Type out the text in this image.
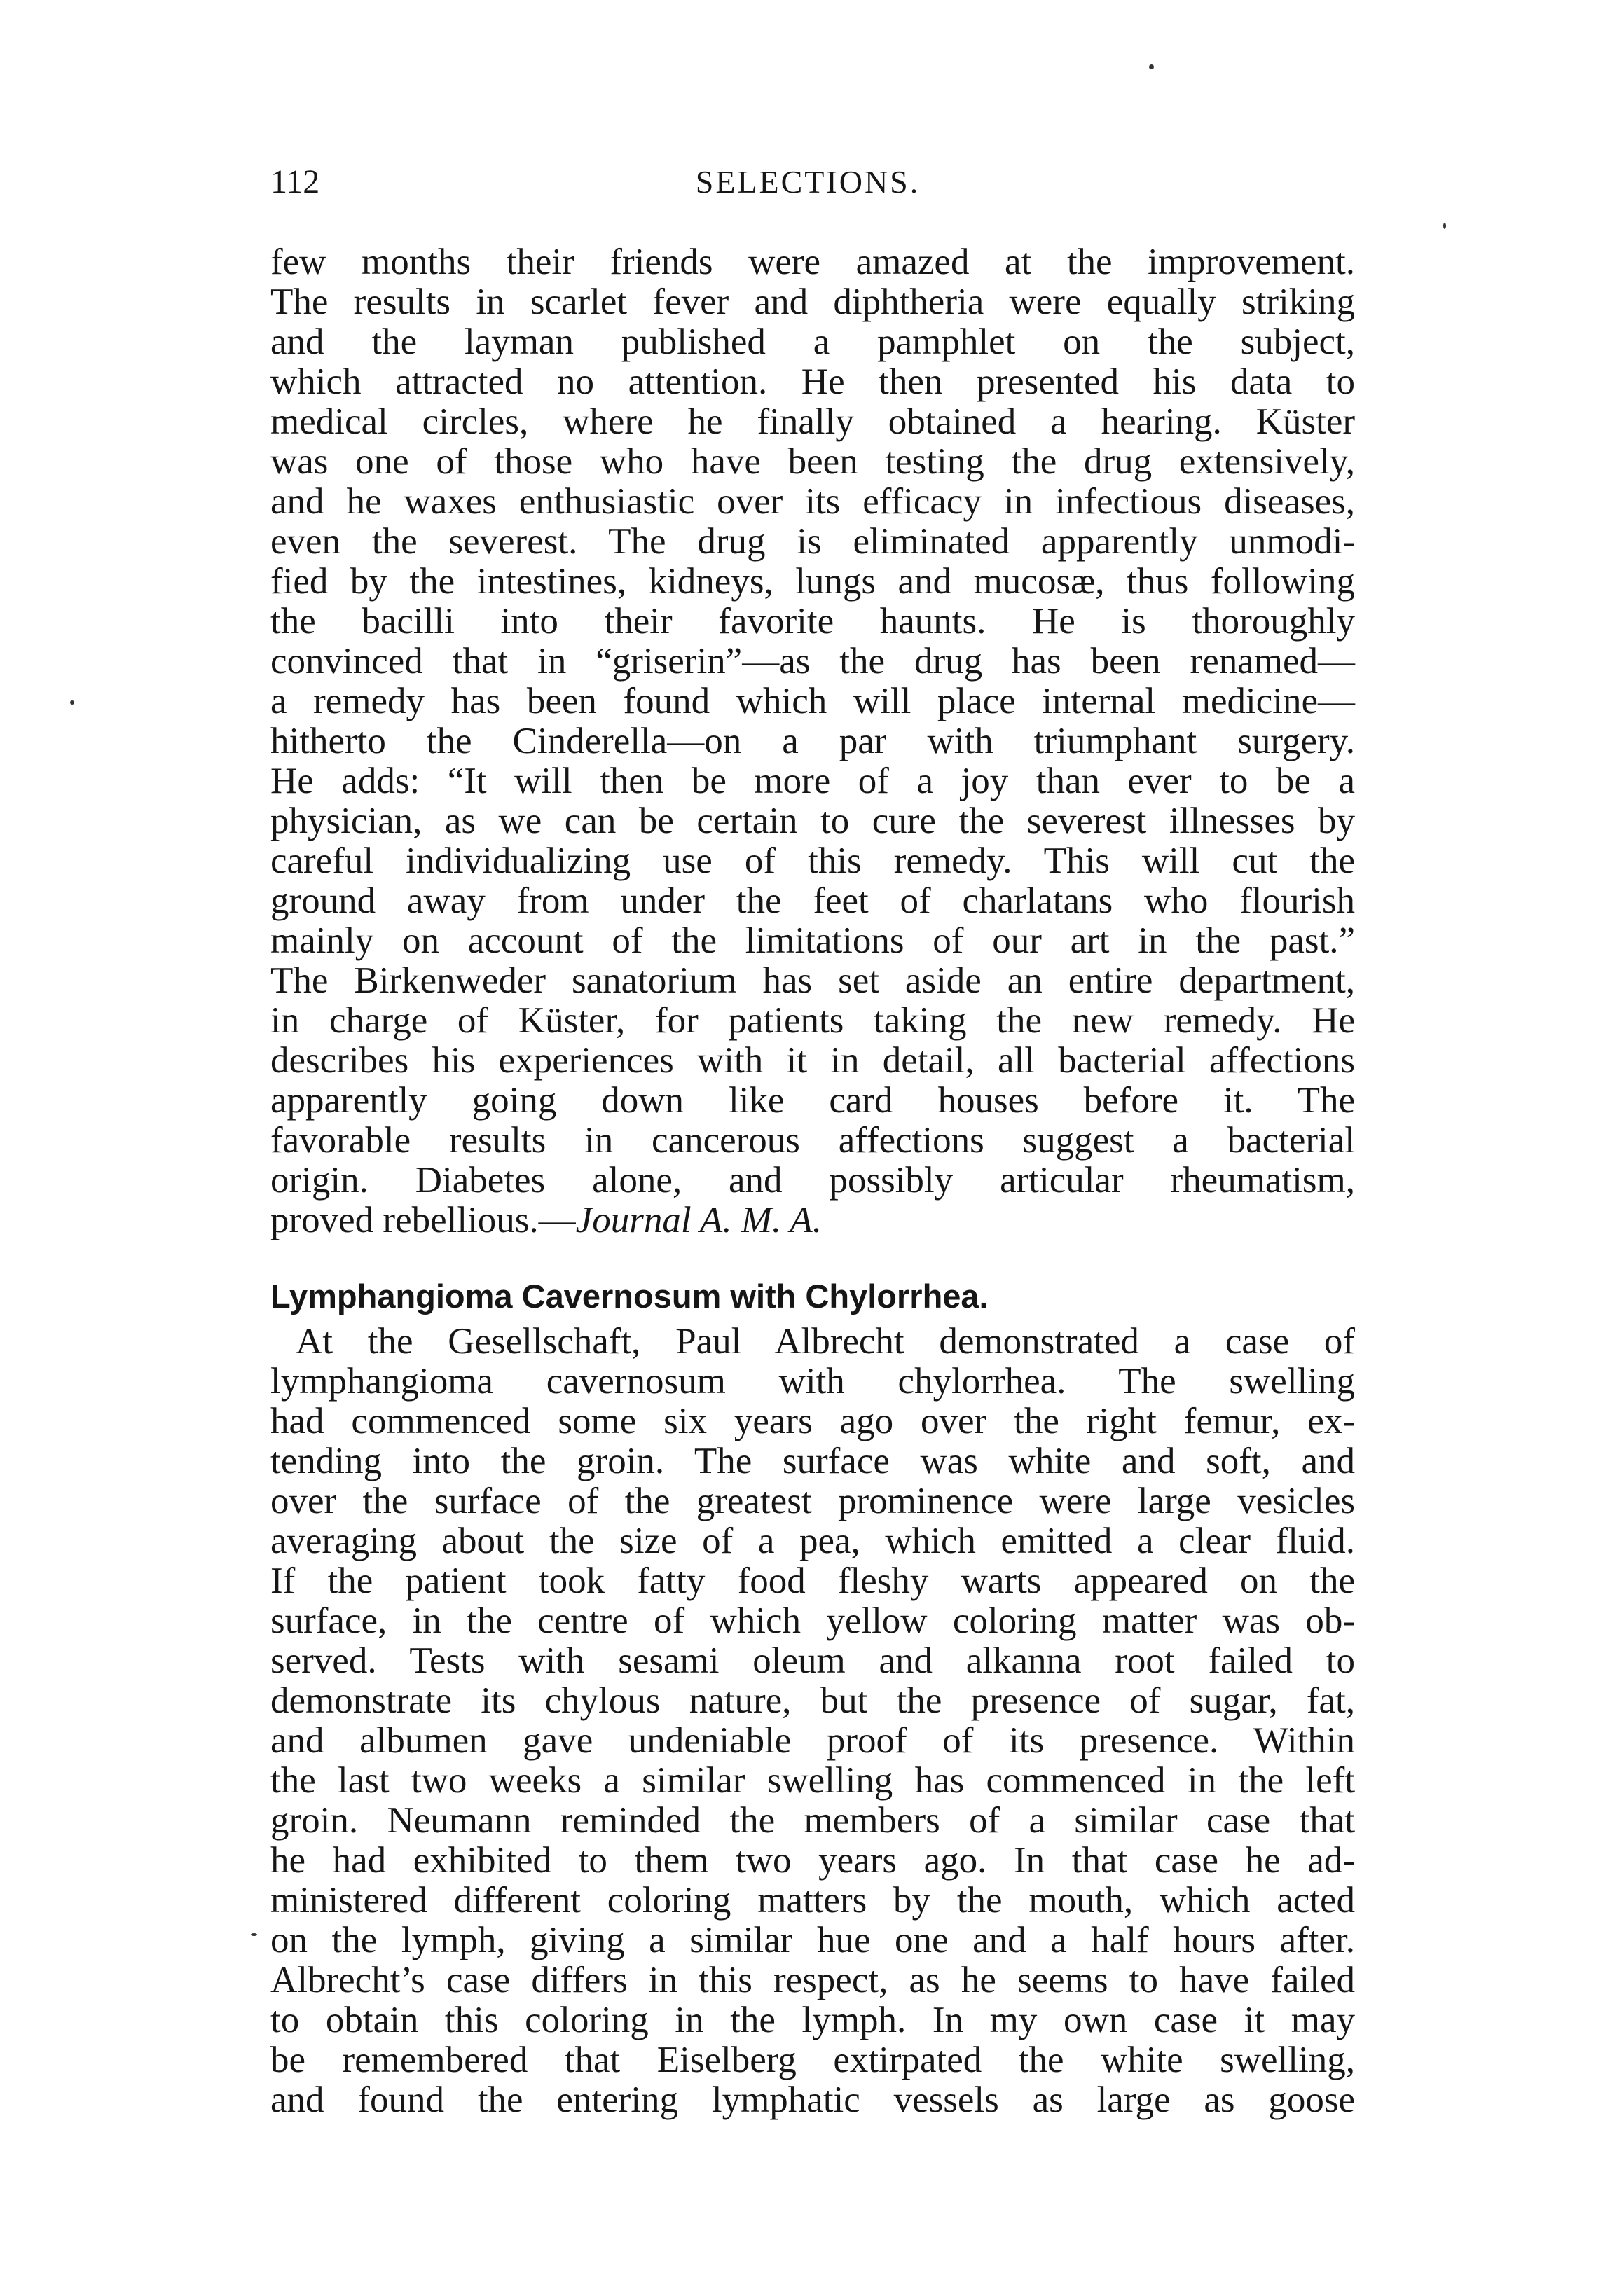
112	SELECTIONS.
few months their friends were amazed at the improvement.
The results in scarlet fever and diphtheria were equally striking
and the layman published a pamphlet on the subject,
which attracted no attention. He then presented his data to
medical circles, where he finally obtained a hearing. Küster
was one of those who have been testing the drug extensively,
and he waxes enthusiastic over its efficacy in infectious diseases,
even the severest. The drug is eliminated apparently unmodi-
fied by the intestines, kidneys, lungs and mucosæ, thus following
the bacilli into their favorite haunts. He is thoroughly
convinced that in “griserin”—as the drug has been renamed—
a remedy has been found which will place internal medicine—
hitherto the Cinderella—on a par with triumphant surgery.
He adds: “It will then be more of a joy than ever to be a
physician, as we can be certain to cure the severest illnesses by
careful individualizing use of this remedy. This will cut the
ground away from under the feet of charlatans who flourish
mainly on account of the limitations of our art in the past.”
The Birkenweder sanatorium has set aside an entire department,
in charge of Küster, for patients taking the new remedy. He
describes his experiences with it in detail, all bacterial affections
apparently going down like card houses before it. The
favorable results in cancerous affections suggest a bacterial
origin. Diabetes alone, and possibly articular rheumatism,
proved rebellious.—Journal A. M. A.
Lymphangioma Cavernosum with Chylorrhea.
At the Gesellschaft, Paul Albrecht demonstrated a case of
lymphangioma cavernosum with chylorrhea. The swelling
had commenced some six years ago over the right femur, ex-
tending into the groin. The surface was white and soft, and
over the surface of the greatest prominence were large vesicles
averaging about the size of a pea, which emitted a clear fluid.
If the patient took fatty food fleshy warts appeared on the
surface, in the centre of which yellow coloring matter was ob-
served. Tests with sesami oleum and alkanna root failed to
demonstrate its chylous nature, but the presence of sugar, fat,
and albumen gave undeniable proof of its presence. Within
the last two weeks a similar swelling has commenced in the left
groin. Neumann reminded the members of a similar case that
he had exhibited to them two years ago. In that case he ad-
ministered different coloring matters by the mouth, which acted
on the lymph, giving a similar hue one and a half hours after.
Albrecht’s case differs in this respect, as he seems to have failed
to obtain this coloring in the lymph. In my own case it may
be remembered that Eiselberg extirpated the white swelling,
and found the entering lymphatic vessels as large as goose
